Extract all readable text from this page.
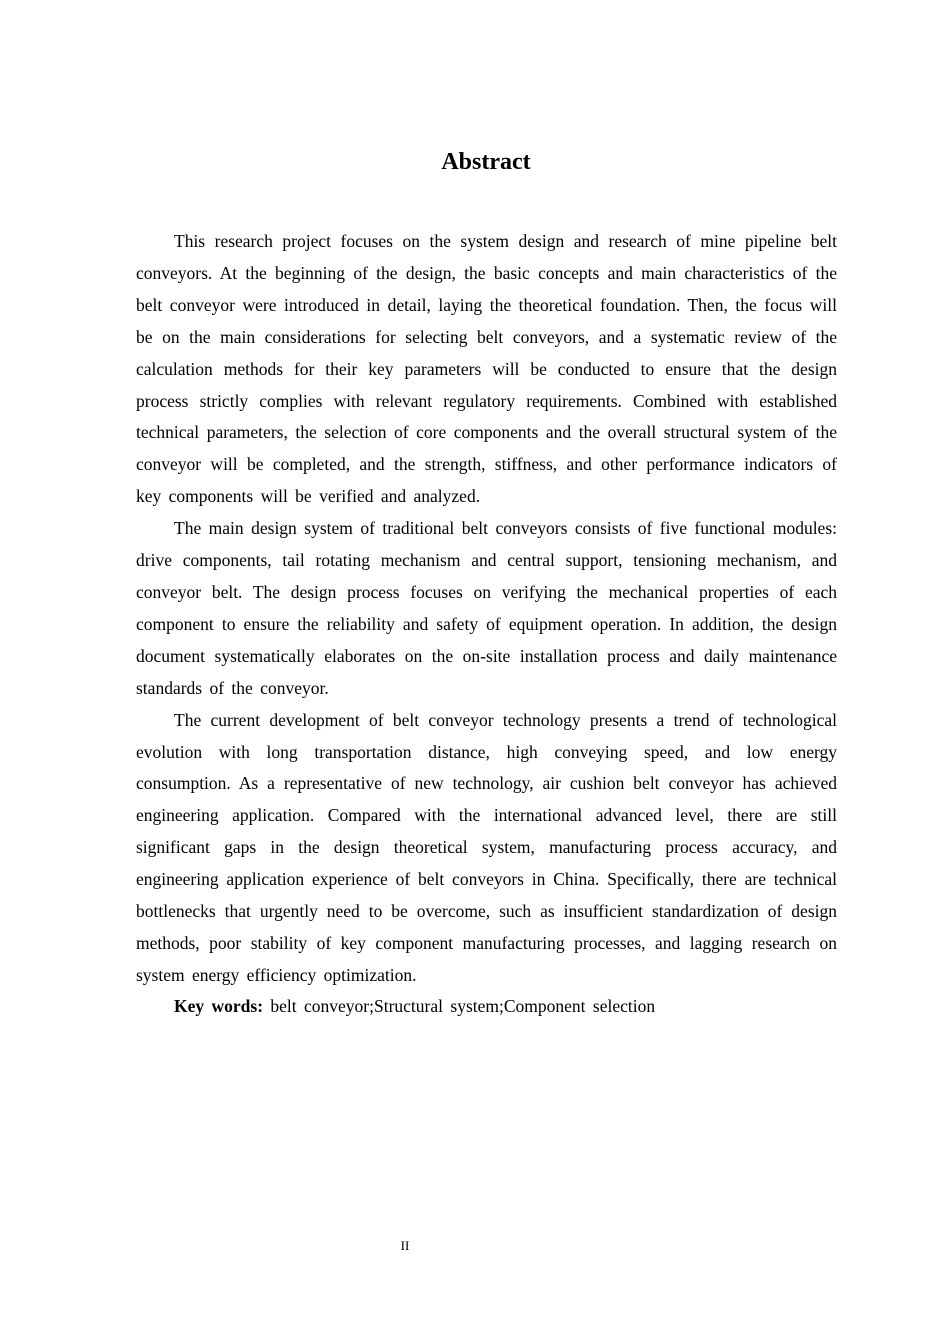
Abstract

This research project focuses on the system design and research of mine pipeline belt conveyors. At the beginning of the design, the basic concepts and main characteristics of the belt conveyor were introduced in detail, laying the theoretical foundation. Then, the focus will be on the main considerations for selecting belt conveyors, and a systematic review of the calculation methods for their key parameters will be conducted to ensure that the design process strictly complies with relevant regulatory requirements. Combined with established technical parameters, the selection of core components and the overall structural system of the conveyor will be completed, and the strength, stiffness, and other performance indicators of key components will be verified and analyzed.

The main design system of traditional belt conveyors consists of five functional modules: drive components, tail rotating mechanism and central support, tensioning mechanism, and conveyor belt. The design process focuses on verifying the mechanical properties of each component to ensure the reliability and safety of equipment operation. In addition, the design document systematically elaborates on the on-site installation process and daily maintenance standards of the conveyor.

The current development of belt conveyor technology presents a trend of technological evolution with long transportation distance, high conveying speed, and low energy consumption. As a representative of new technology, air cushion belt conveyor has achieved engineering application. Compared with the international advanced level, there are still significant gaps in the design theoretical system, manufacturing process accuracy, and engineering application experience of belt conveyors in China. Specifically, there are technical bottlenecks that urgently need to be overcome, such as insufficient standardization of design methods, poor stability of key component manufacturing processes, and lagging research on system energy efficiency optimization.

Key words: belt conveyor;Structural system;Component selection

II
